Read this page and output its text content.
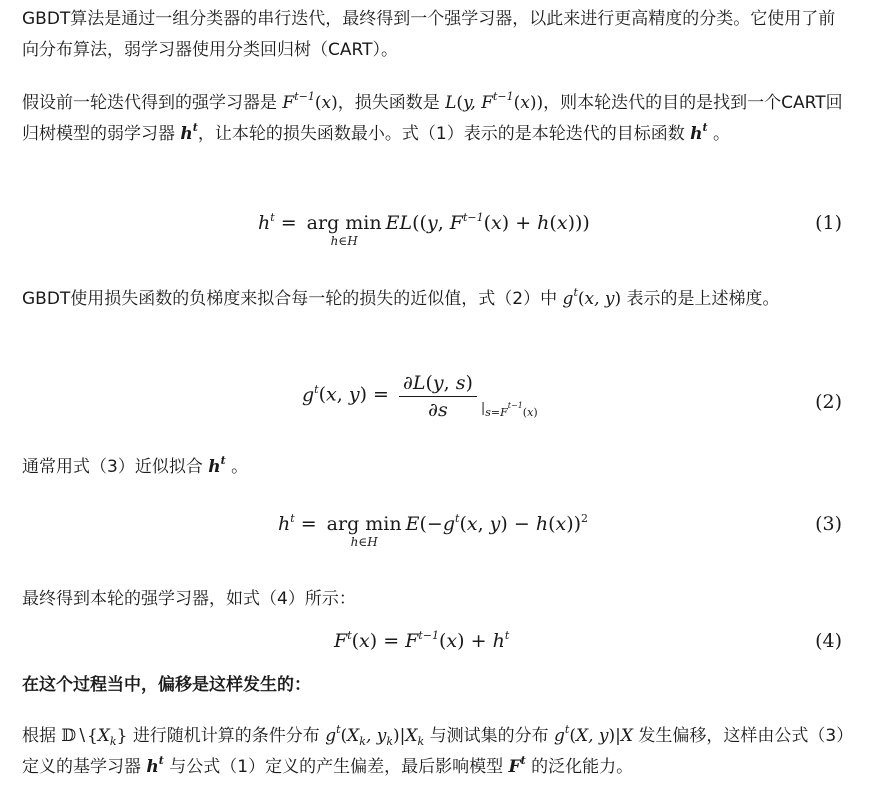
GBDT算法是通过一组分类器的串行迭代，最终得到一个强学习器，以此来进行更高精度的分类。它使用了前向分布算法，弱学习器使用分类回归树（CART）。

假设前一轮迭代得到的强学习器是 $F^{t-1}(x)$，损失函数是 L(y, $F^{t-1}(x)$)，则本轮迭代的目的是找到一个CART回归树模型的弱学习器 $h^t$，让本轮的损失函数最小。式（1）表示的是本轮迭代的目标函数 $h^t$ 。

$h^t$ = arg min
h∈H
EL((y, $F^{t-1}(x) + h(x)$))	(1)

GBDT使用损失函数的负梯度来拟合每一轮的损失的近似值，式（2）中 $g^t(x$, y) 表示的是上述梯度。

$g^t(x$, $y) = \frac{\partial L(y, s)}{\partial s} _{|_{s=F^{t-1}(x)}}$	(2)

通常用式（3）近似拟合 $h^t$ 。

$h^t$ = arg min
h∈H
$E(-g^t(x$, y) − h(x))$^2$	(3)

最终得到本轮的强学习器，如式（4）所示：

$F^t(x) = F^{t-1}(x) + h^t$	(4)

在这个过程当中，偏移是这样发生的：

根据 $𝔻∖\{X_k\}$ 进行随机计算的条件分布 $g^t(X_k$, $y_k)|X_k$ 与测试集的分布 $g^t(X$, y)|X 发生偏移，这样由公式（3）定义的基学习器 $h^t$ 与公式（1）定义的产生偏差，最后影响模型 $F^t$ 的泛化能力。
